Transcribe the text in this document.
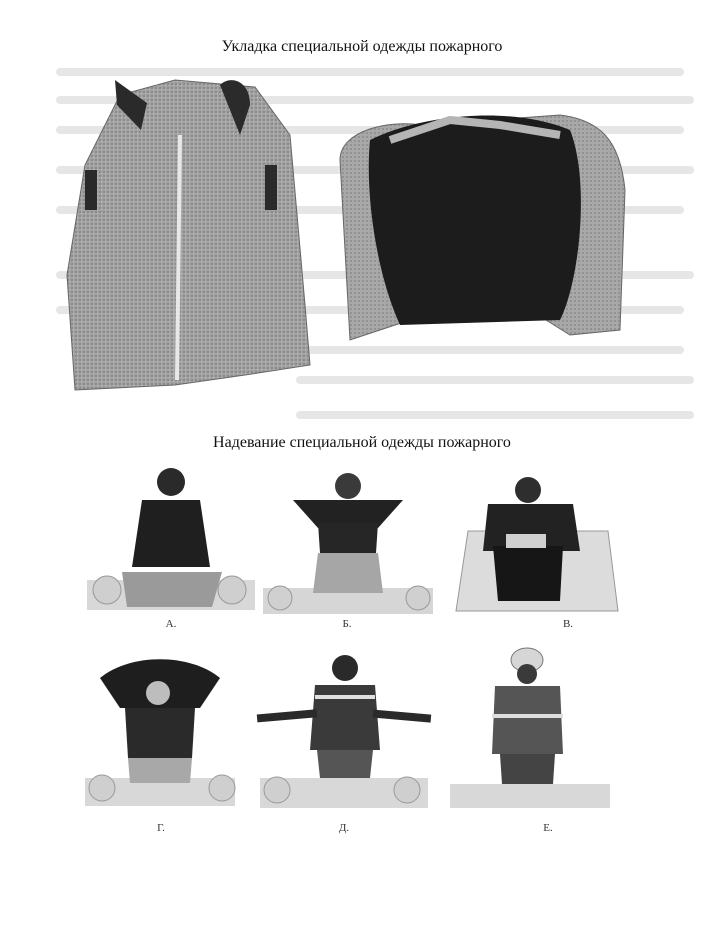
Укладка специальной одежды пожарного
Надевание специальной одежды пожарного
А.	Б.	В.
Г.	Д.	Е.
